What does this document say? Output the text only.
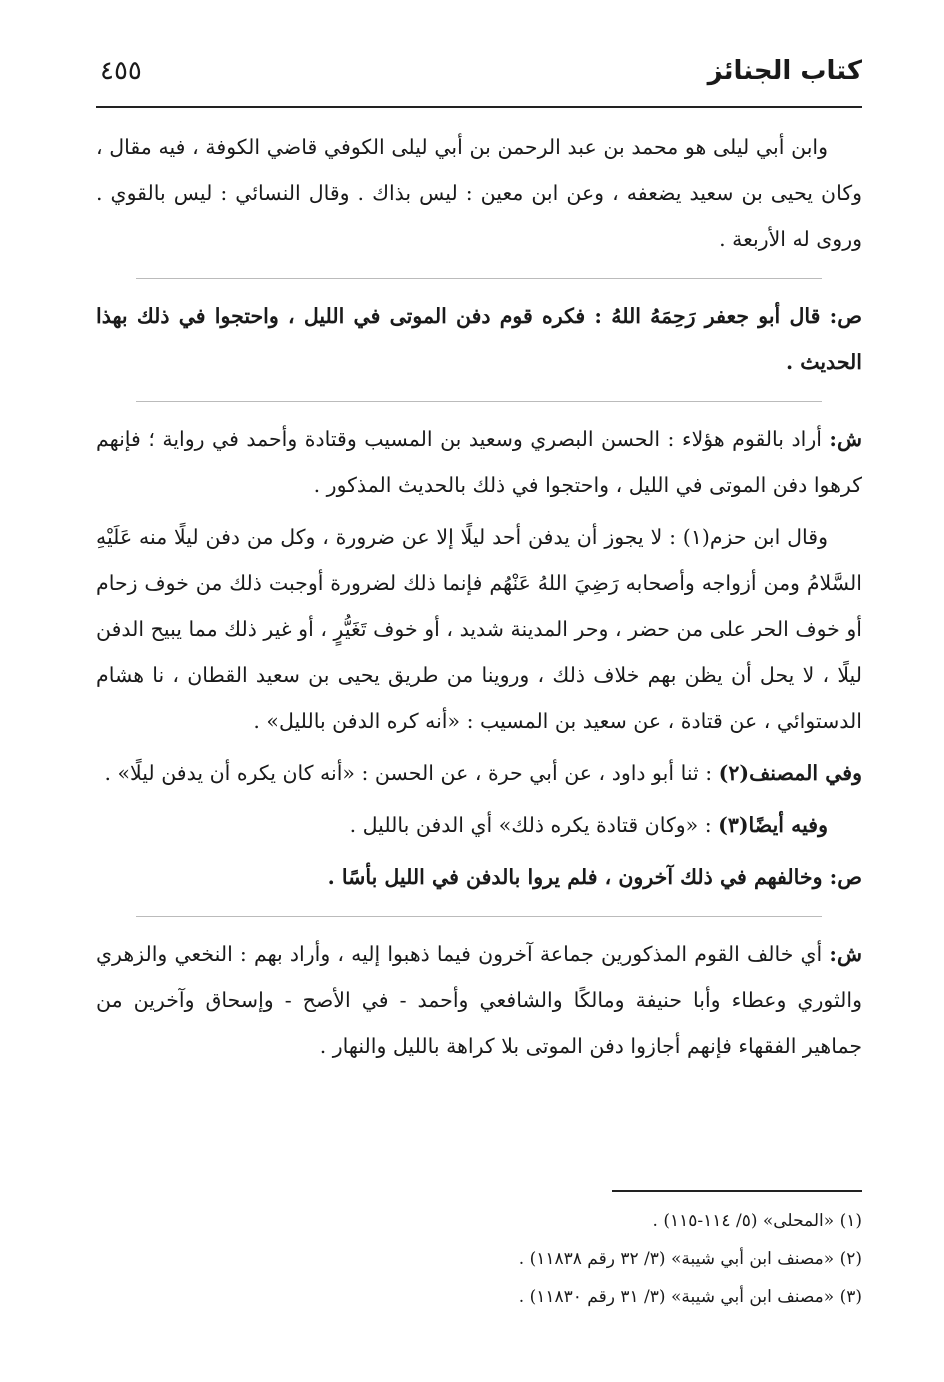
كتاب الجنائز
٤٥٥

وابن أبي ليلى هو محمد بن عبد الرحمن بن أبي ليلى الكوفي قاضي الكوفة ، فيه مقال ، وكان يحيى بن سعيد يضعفه ، وعن ابن معين : ليس بذاك . وقال النسائي : ليس بالقوي . وروى له الأربعة .

ص: قال أبو جعفر رَحِمَهُ اللهُ : فكره قوم دفن الموتى في الليل ، واحتجوا في ذلك بهذا الحديث .

ش: أراد بالقوم هؤلاء : الحسن البصري وسعيد بن المسيب وقتادة وأحمد في رواية ؛ فإنهم كرهوا دفن الموتى في الليل ، واحتجوا في ذلك بالحديث المذكور .

وقال ابن حزم(١) : لا يجوز أن يدفن أحد ليلًا إلا عن ضرورة ، وكل من دفن ليلًا منه عَلَيْهِ السَّلامُ ومن أزواجه وأصحابه رَضِيَ اللهُ عَنْهُم فإنما ذلك لضرورة أوجبت ذلك من خوف زحام أو خوف الحر على من حضر ، وحر المدينة شديد ، أو خوف تَغَيُّرٍ ، أو غير ذلك مما يبيح الدفن ليلًا ، لا يحل أن يظن بهم خلاف ذلك ، وروينا من طريق يحيى بن سعيد القطان ، نا هشام الدستوائي ، عن قتادة ، عن سعيد بن المسيب : «أنه كره الدفن بالليل» .

وفي المصنف(٢) : ثنا أبو داود ، عن أبي حرة ، عن الحسن : «أنه كان يكره أن يدفن ليلًا» .

وفيه أيضًا(٣) : «وكان قتادة يكره ذلك» أي الدفن بالليل .

ص: وخالفهم في ذلك آخرون ، فلم يروا بالدفن في الليل بأسًا .

ش: أي خالف القوم المذكورين جماعة آخرون فيما ذهبوا إليه ، وأراد بهم : النخعي والزهري والثوري وعطاء وأبا حنيفة ومالكًا والشافعي وأحمد - في الأصح - وإسحاق وآخرين من جماهير الفقهاء فإنهم أجازوا دفن الموتى بلا كراهة بالليل والنهار .

(١) «المحلى» (٥/ ١١٤-١١٥) .

(٢) «مصنف ابن أبي شيبة» (٣/ ٣٢ رقم ١١٨٣٨) .

(٣) «مصنف ابن أبي شيبة» (٣/ ٣١ رقم ١١٨٣٠) .
